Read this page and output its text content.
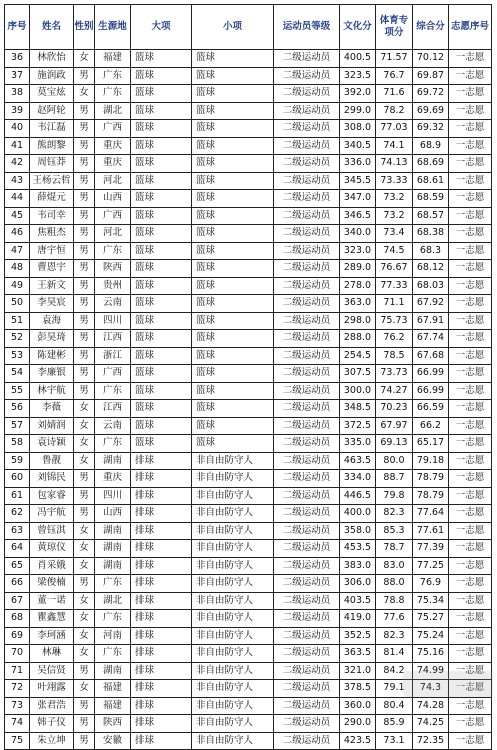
序号	姓名	性别	生源地	大项	小项	运动员等级	文化分	体育专项分	综合分	志愿序号
36	林欣怡	女	福建	篮球	篮球	二级运动员	400.5	71.57	70.12	一志愿
37	施润政	男	广东	篮球	篮球	二级运动员	323.5	76.7	69.87	一志愿
38	莫宝炫	女	广东	篮球	篮球	二级运动员	392.0	71.6	69.72	一志愿
39	赵阿轮	男	湖北	篮球	篮球	二级运动员	299.0	78.2	69.69	一志愿
40	韦江磊	男	广西	篮球	篮球	二级运动员	308.0	77.03	69.32	一志愿
41	熊朗黎	男	重庆	篮球	篮球	二级运动员	340.5	74.1	68.9	一志愿
42	周钰莽	男	重庆	篮球	篮球	二级运动员	336.0	74.13	68.69	一志愿
43	王杨云哲	男	河北	篮球	篮球	二级运动员	345.5	73.33	68.61	一志愿
44	薛焜元	男	山西	篮球	篮球	二级运动员	347.0	73.2	68.59	一志愿
45	韦司幸	男	广西	篮球	篮球	二级运动员	346.5	73.2	68.57	一志愿
46	焦粗杰	男	河北	篮球	篮球	二级运动员	340.0	73.4	68.38	一志愿
47	唐宇恒	男	广东	篮球	篮球	二级运动员	323.0	74.5	68.3	一志愿
48	曹恩宇	男	陕西	篮球	篮球	二级运动员	289.0	76.67	68.12	一志愿
49	王新文	男	贵州	篮球	篮球	二级运动员	278.0	77.33	68.03	一志愿
50	李昊宸	男	云南	篮球	篮球	二级运动员	363.0	71.1	67.92	一志愿
51	袁海	男	四川	篮球	篮球	二级运动员	298.0	75.73	67.91	一志愿
52	彭昊琦	男	江西	篮球	篮球	二级运动员	288.0	76.2	67.74	一志愿
53	陈建彬	男	浙江	篮球	篮球	二级运动员	254.5	78.5	67.68	一志愿
54	李廉银	男	广西	篮球	篮球	二级运动员	307.5	73.73	66.99	一志愿
55	林宇航	男	广东	篮球	篮球	二级运动员	300.0	74.27	66.99	一志愿
56	李薇	女	江西	篮球	篮球	二级运动员	348.5	70.23	66.59	一志愿
57	刘婧润	女	云南	篮球	篮球	二级运动员	372.5	67.97	66.2	一志愿
58	袁诗颖	女	广东	篮球	篮球	二级运动员	335.0	69.13	65.17	一志愿
59	鲁靓	女	湖南	排球	非自由防守人	二级运动员	463.5	80.0	79.18	一志愿
60	刘锦民	男	重庆	排球	非自由防守人	二级运动员	334.0	88.7	78.79	一志愿
61	包家睿	男	四川	排球	非自由防守人	二级运动员	446.5	79.8	78.79	一志愿
62	冯宇航	男	山西	排球	非自由防守人	二级运动员	400.0	82.3	77.64	一志愿
63	曾钰淇	女	湖南	排球	非自由防守人	二级运动员	358.0	85.3	77.61	一志愿
64	黄琼仪	女	湖南	排球	非自由防守人	二级运动员	453.5	78.7	77.39	一志愿
65	肖采娥	女	湖南	排球	非自由防守人	二级运动员	383.0	83.0	77.25	一志愿
66	梁俊楠	男	广东	排球	非自由防守人	二级运动员	306.0	88.0	76.9	一志愿
67	董一诺	女	湖北	排球	非自由防守人	二级运动员	403.5	78.8	75.34	一志愿
68	瞿鑫慧	女	广东	排球	非自由防守人	二级运动员	419.0	77.6	75.27	一志愿
69	李珂涵	女	河南	排球	非自由防守人	二级运动员	352.5	82.3	75.24	一志愿
70	林琳	女	广东	排球	非自由防守人	二级运动员	363.5	81.4	75.16	一志愿
71	吴信贤	男	湖南	排球	非自由防守人	二级运动员	321.0	84.2	74.99	一志愿
72	叶翊露	女	福建	排球	非自由防守人	二级运动员	378.5	79.1	74.3	一志愿
73	张君浩	男	福建	排球	非自由防守人	二级运动员	360.0	80.4	74.28	一志愿
74	韩子仪	男	陕西	排球	非自由防守人	二级运动员	290.0	85.9	74.25	一志愿
75	朱立坤	男	安徽	排球	非自由防守人	二级运动员	423.5	73.1	72.35	一志愿
